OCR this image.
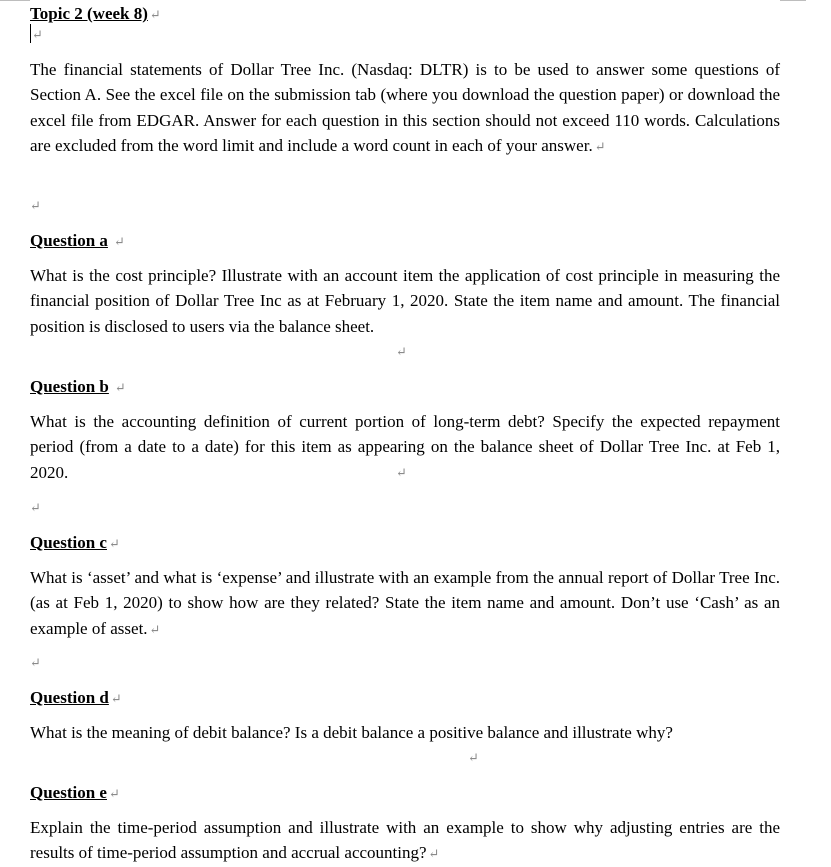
Topic 2 (week 8) ↵
↵
The financial statements of Dollar Tree Inc. (Nasdaq: DLTR) is to be used to answer some questions of Section A. See the excel file on the submission tab (where you download the question paper) or download the excel file from EDGAR. Answer for each question in this section should not exceed 110 words. Calculations are excluded from the word limit and include a word count in each of your answer. ↵
↵
Question a ↵
What is the cost principle? Illustrate with an account item the application of cost principle in measuring the financial position of Dollar Tree Inc as at February 1, 2020. State the item name and amount. The financial position is disclosed to users via the balance sheet.
↵
Question b ↵
What is the accounting definition of current portion of long-term debt? Specify the expected repayment period (from a date to a date) for this item as appearing on the balance sheet of Dollar Tree Inc. at Feb 1, 2020.	↵
↵
Question c ↵
What is ‘asset’ and what is ‘expense’ and illustrate with an example from the annual report of Dollar Tree Inc. (as at Feb 1, 2020) to show how are they related? State the item name and amount. Don’t use ‘Cash’ as an example of asset. ↵
↵
Question d ↵
What is the meaning of debit balance? Is a debit balance a positive balance and illustrate why?
↵
Question e ↵
Explain the time-period assumption and illustrate with an example to show why adjusting entries are the results of time-period assumption and accrual accounting? ↵
